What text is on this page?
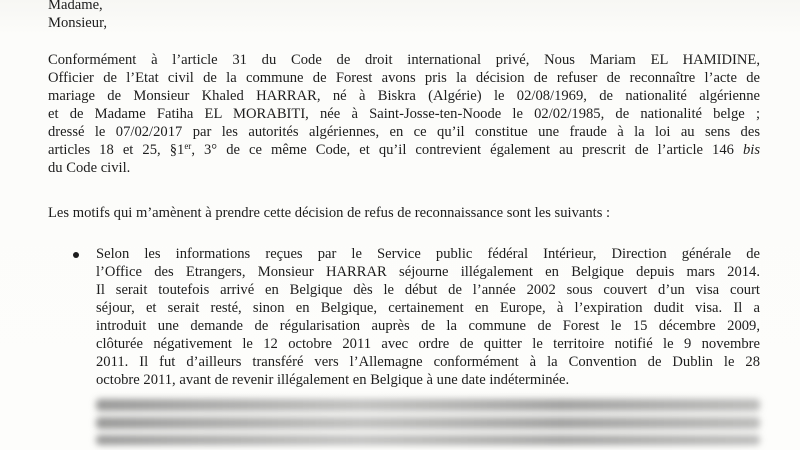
Madame,
Monsieur,
Conformément à l’article 31 du Code de droit international privé, Nous Mariam EL HAMIDINE,
Officier de l’Etat civil de la commune de Forest avons pris la décision de refuser de reconnaître l’acte de
mariage de Monsieur Khaled HARRAR, né à Biskra (Algérie) le 02/08/1969, de nationalité algérienne
et de Madame Fatiha EL MORABITI, née à Saint-Josse-ten-Noode le 02/02/1985, de nationalité belge ;
dressé le 07/02/2017 par les autorités algériennes, en ce qu’il constitue une fraude à la loi au sens des
articles 18 et 25, §1er, 3° de ce même Code, et qu’il contrevient également au prescrit de l’article 146 bis
du Code civil.
Les motifs qui m’amènent à prendre cette décision de refus de reconnaissance sont les suivants :
Selon les informations reçues par le Service public fédéral Intérieur, Direction générale de
l’Office des Etrangers, Monsieur HARRAR séjourne illégalement en Belgique depuis mars 2014.
Il serait toutefois arrivé en Belgique dès le début de l’année 2002 sous couvert d’un visa court
séjour, et serait resté, sinon en Belgique, certainement en Europe, à l’expiration dudit visa. Il a
introduit une demande de régularisation auprès de la commune de Forest le 15 décembre 2009,
clôturée négativement le 12 octobre 2011 avec ordre de quitter le territoire notifié le 9 novembre
2011. Il fut d’ailleurs transféré vers l’Allemagne conformément à la Convention de Dublin le 28
octobre 2011, avant de revenir illégalement en Belgique à une date indéterminée.
